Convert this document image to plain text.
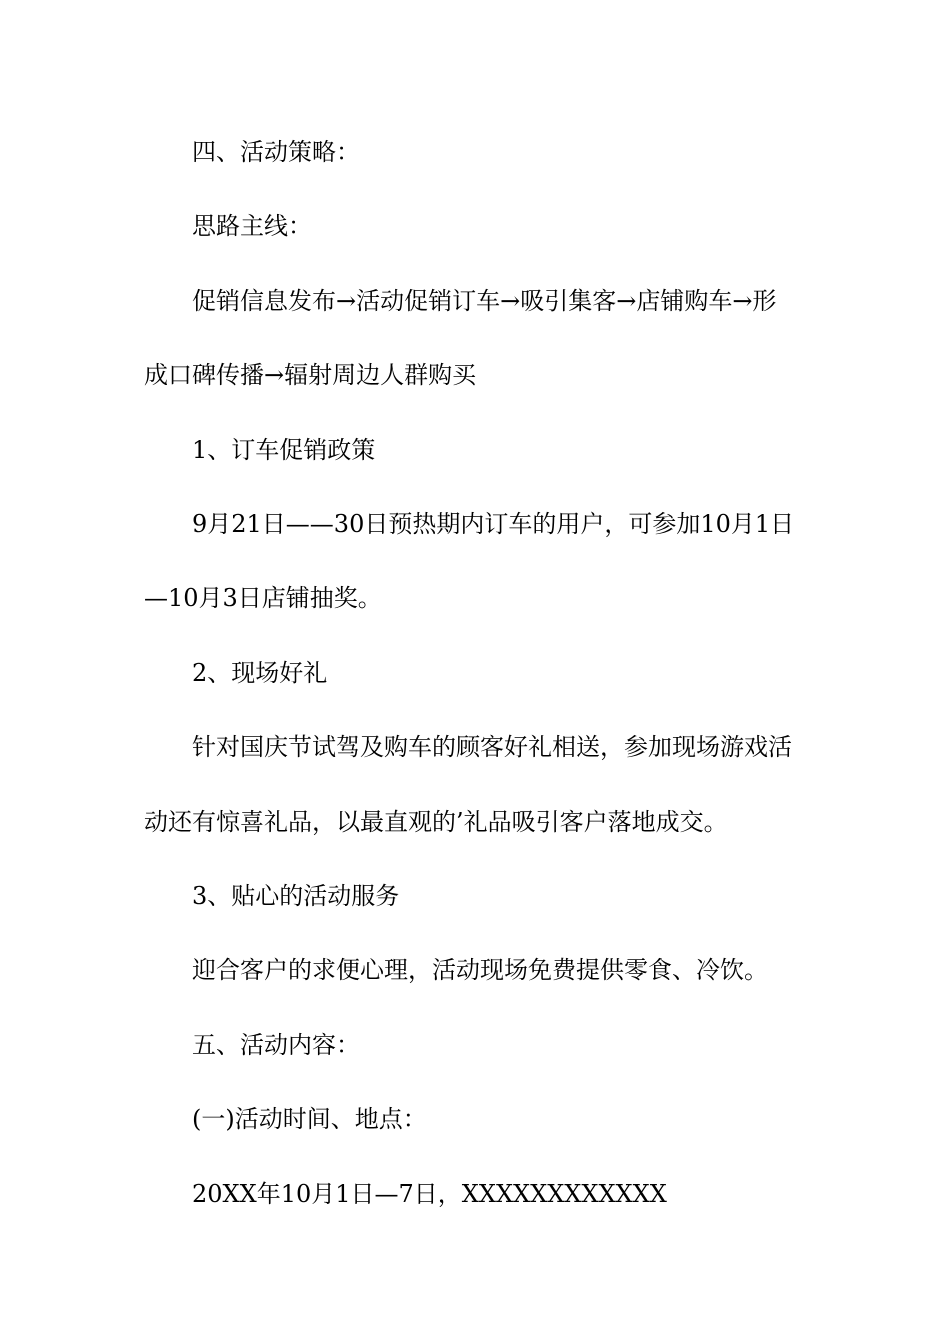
四、活动策略：

思路主线：

促销信息发布→活动促销订车→吸引集客→店铺购车→形

成口碑传播→辐射周边人群购买

1、订车促销政策

9月21日——30日预热期内订车的用户，可参加10月1日

—10月3日店铺抽奖。

2、现场好礼

针对国庆节试驾及购车的顾客好礼相送，参加现场游戏活

动还有惊喜礼品，以最直观的’礼品吸引客户落地成交。

3、贴心的活动服务

迎合客户的求便心理，活动现场免费提供零食、冷饮。

五、活动内容：

(一)活动时间、地点：

20XX年10月1日—7日，XXXXXXXXXXXX
